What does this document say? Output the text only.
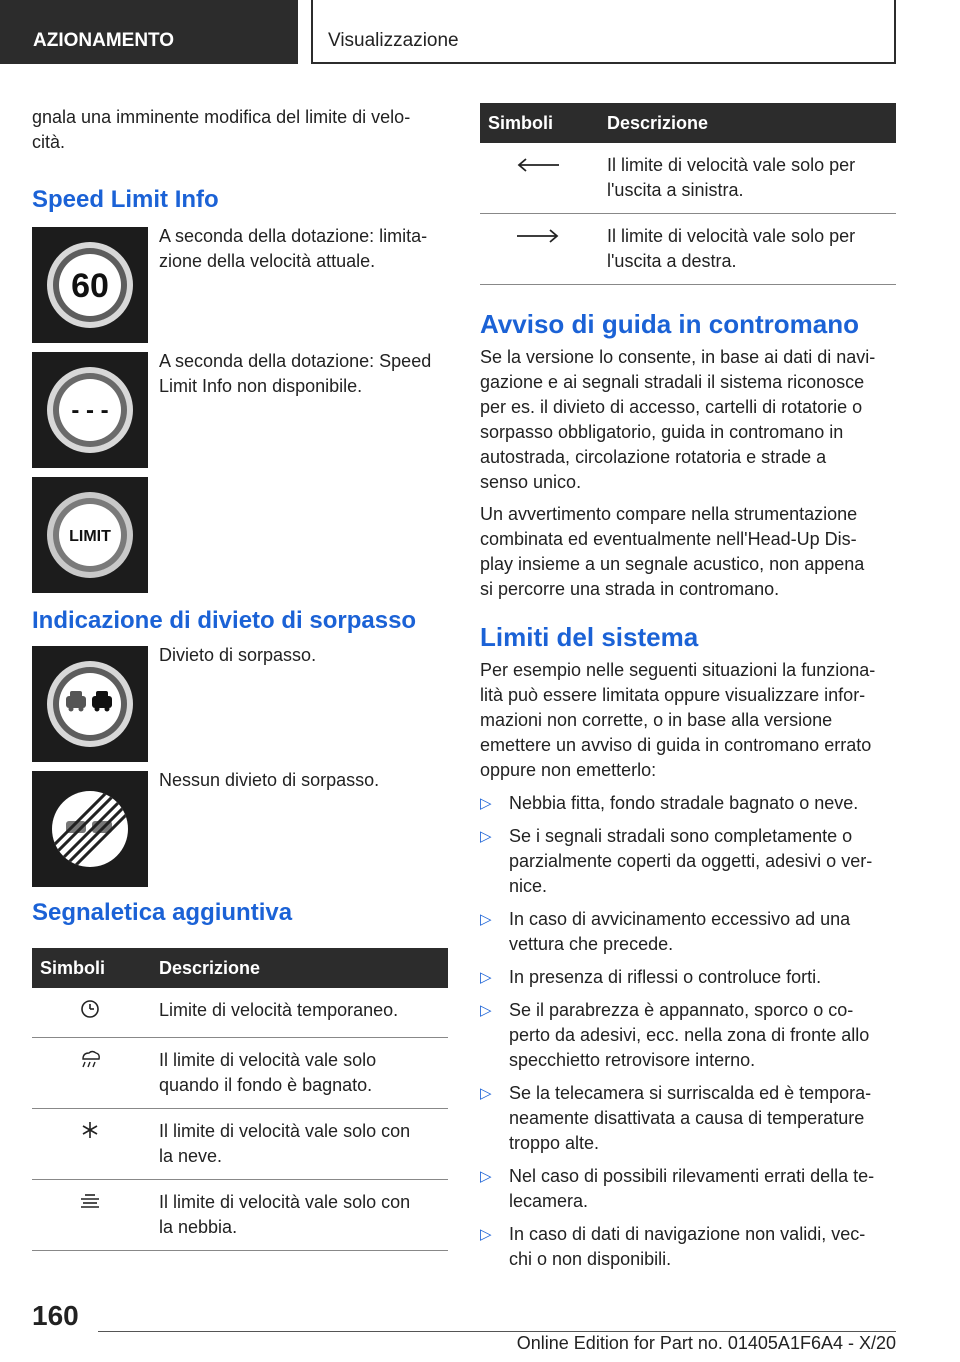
AZIONAMENTO	Visualizzazione

gnala una imminente modifica del limite di velo-
cità.

Speed Limit Info
60
A seconda della dotazione: limita-
zione della velocità attuale.
- - -
A seconda della dotazione: Speed
Limit Info non disponibile.
LIMIT
Indicazione di divieto di sorpasso
Divieto di sorpasso.
Nessun divieto di sorpasso.
Segnaletica aggiuntiva
Simboli	Descrizione
	Limite di velocità temporaneo.
	Il limite di velocità vale solo
quando il fondo è bagnato.
	Il limite di velocità vale solo con
la neve.
	Il limite di velocità vale solo con
la nebbia.
Simboli	Descrizione
	Il limite di velocità vale solo per
l'uscita a sinistra.
	Il limite di velocità vale solo per
l'uscita a destra.
Avviso di guida in contromano

Se la versione lo consente, in base ai dati di navi-
gazione e ai segnali stradali il sistema riconosce
per es. il divieto di accesso, cartelli di rotatorie o
sorpasso obbligatorio, guida in contromano in
autostrada, circolazione rotatoria e strade a
senso unico.

Un avvertimento compare nella strumentazione
combinata ed eventualmente nell'Head-Up Dis-
play insieme a un segnale acustico, non appena
si percorre una strada in contromano.

Limiti del sistema

Per esempio nelle seguenti situazioni la funziona-
lità può essere limitata oppure visualizzare infor-
mazioni non corrette, o in base alla versione
emettere un avviso di guida in contromano errato
oppure non emetterlo:

▷ Nebbia fitta, fondo stradale bagnato o neve.
▷ Se i segnali stradali sono completamente o
parzialmente coperti da oggetti, adesivi o ver-
nice.
▷ In caso di avvicinamento eccessivo ad una
vettura che precede.
▷ In presenza di riflessi o controluce forti.
▷ Se il parabrezza è appannato, sporco o co-
perto da adesivi, ecc. nella zona di fronte allo
specchietto retrovisore interno.
▷ Se la telecamera si surriscalda ed è tempora-
neamente disattivata a causa di temperature
troppo alte.
▷ Nel caso di possibili rilevamenti errati della te-
lecamera.
▷ In caso di dati di navigazione non validi, vec-
chi o non disponibili.
160
Online Edition for Part no. 01405A1F6A4 - X/20
